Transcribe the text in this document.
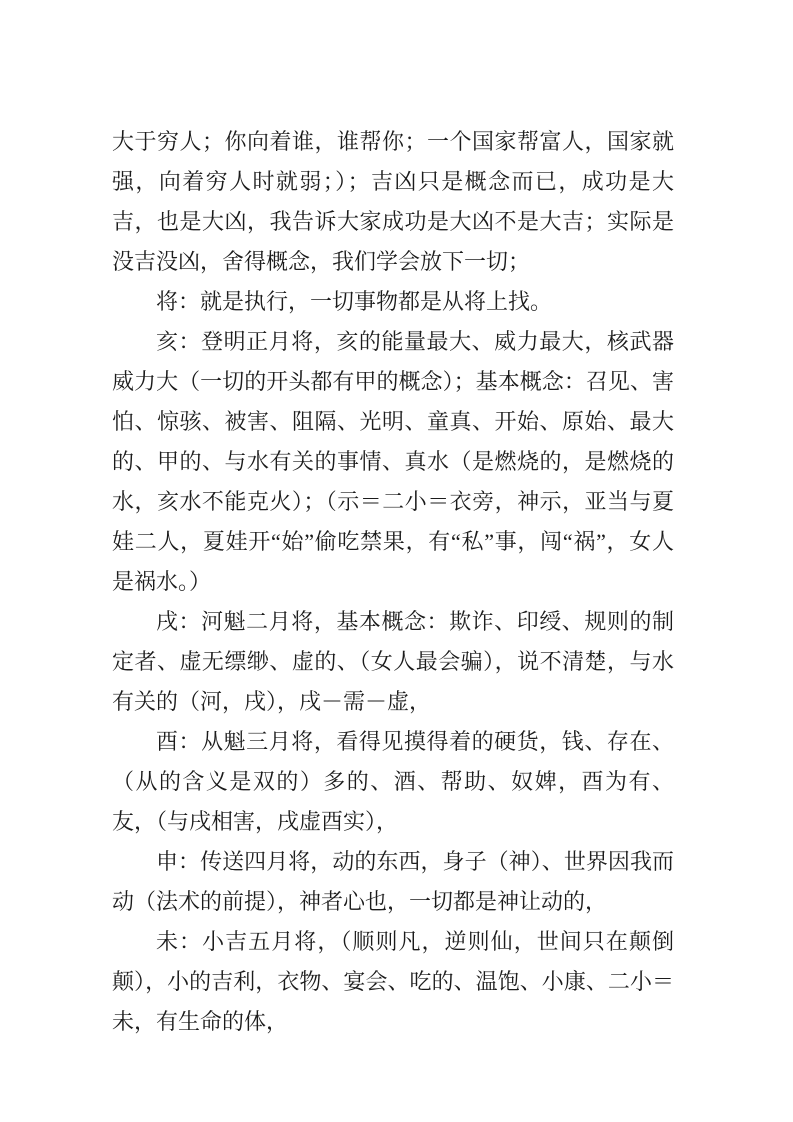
大于穷人；你向着谁，谁帮你；一个国家帮富人，国家就强，向着穷人时就弱；）；吉凶只是概念而已，成功是大吉，也是大凶，我告诉大家成功是大凶不是大吉；实际是没吉没凶，舍得概念，我们学会放下一切；

将：就是执行，一切事物都是从将上找。

亥：登明正月将，亥的能量最大、威力最大，核武器威力大（一切的开头都有甲的概念）；基本概念：召见、害怕、惊骇、被害、阻隔、光明、童真、开始、原始、最大的、甲的、与水有关的事情、真水（是燃烧的，是燃烧的水，亥水不能克火）；（示＝二小＝衣旁，神示，亚当与夏娃二人，夏娃开“始”偷吃禁果，有“私”事，闯“祸”，女人是祸水。）

戌：河魁二月将，基本概念：欺诈、印绶、规则的制定者、虚无缥缈、虚的、（女人最会骗），说不清楚，与水有关的（河，戌），戌－需－虚，

酉：从魁三月将，看得见摸得着的硬货，钱、存在、（从的含义是双的）多的、酒、帮助、奴婢，酉为有、友，（与戌相害，戌虚酉实），

申：传送四月将，动的东西，身子（神）、世界因我而动（法术的前提），神者心也，一切都是神让动的，

未：小吉五月将，（顺则凡，逆则仙，世间只在颠倒颠），小的吉利，衣物、宴会、吃的、温饱、小康、二小＝未，有生命的体，
